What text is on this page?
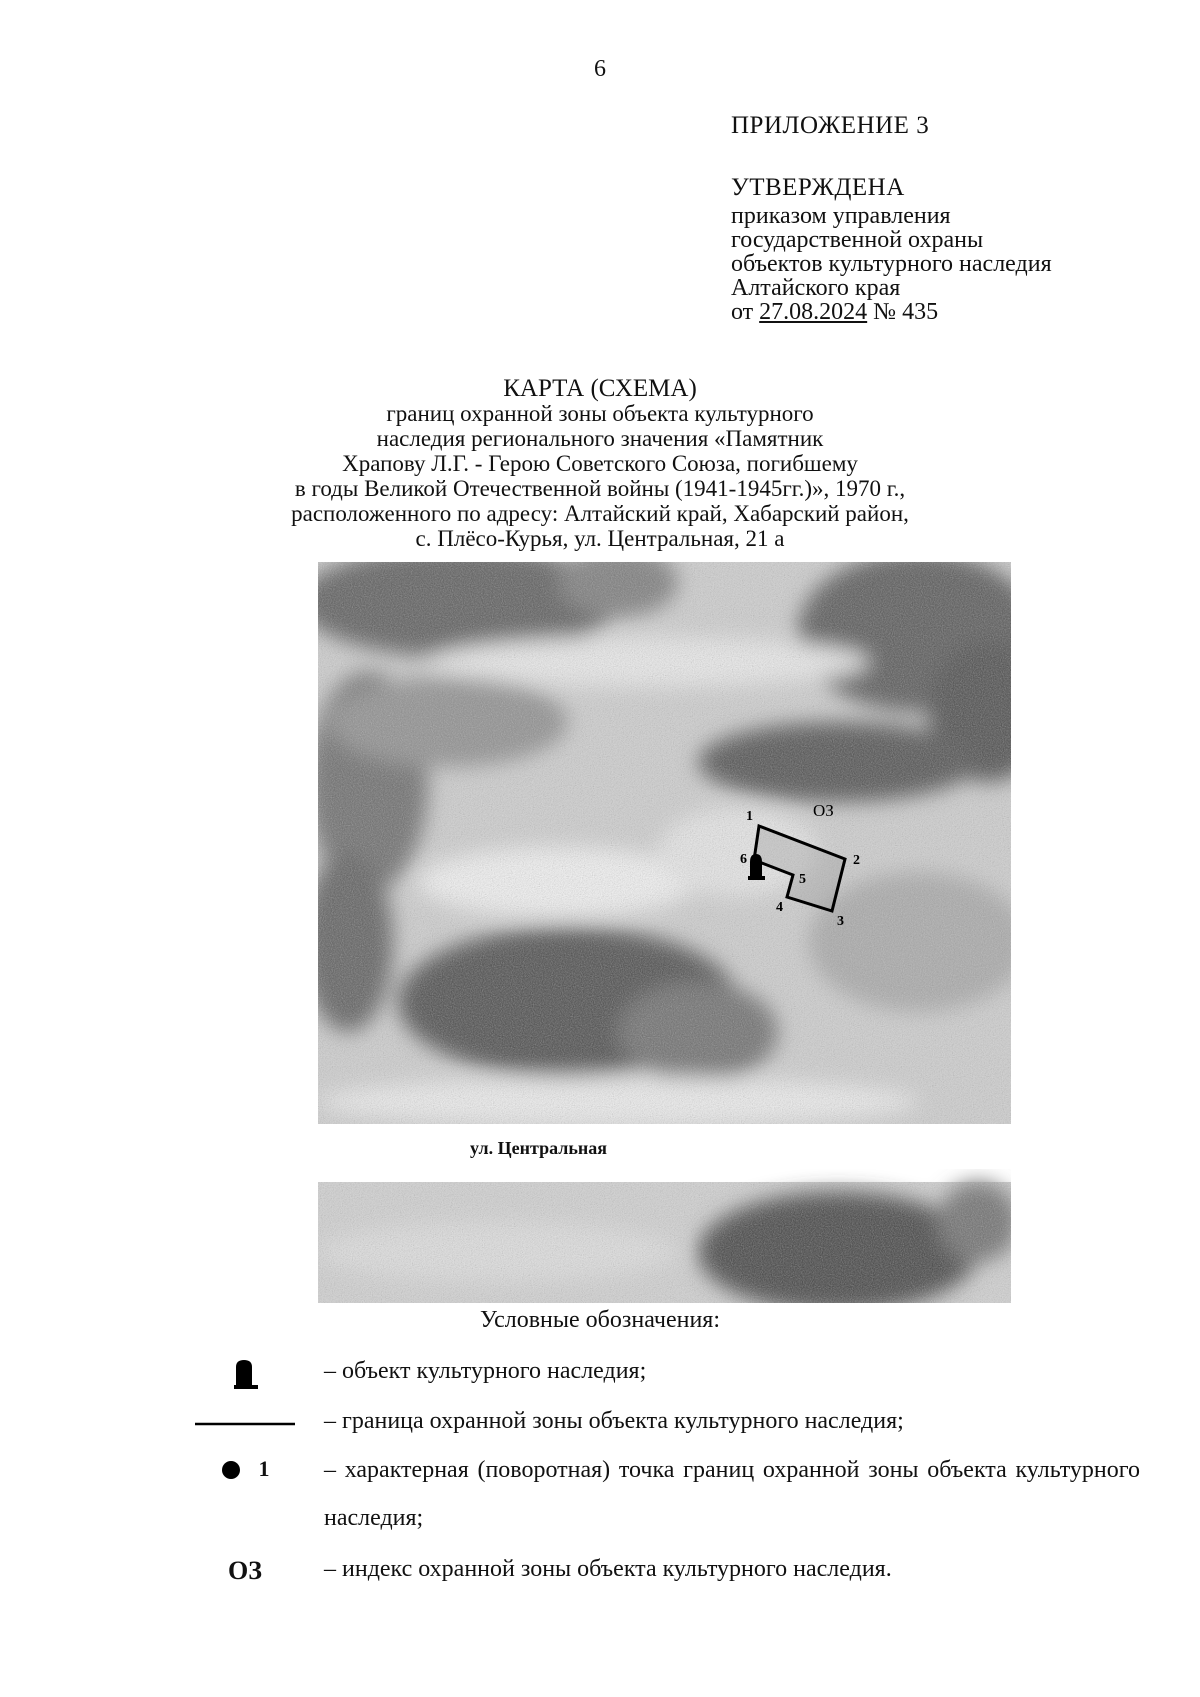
6
ПРИЛОЖЕНИЕ 3
УТВЕРЖДЕНА
приказом управления
государственной охраны
объектов культурного наследия
Алтайского края
от 27.08.2024 № 435
КАРТА (СХЕМА)
границ охранной зоны объекта культурного
наследия регионального значения «Памятник
Храпову Л.Г. - Герою Советского Союза, погибшему
в годы Великой Отечественной войны (1941-1945гг.)», 1970 г.,
расположенного по адресу: Алтайский край, Хабарский район,
с. Плёсо-Курья, ул. Центральная, 21 а
1
2
3
4
5
6
ОЗ
ул. Центральная
Условные обозначения:
– объект культурного наследия;
– граница охранной зоны объекта культурного наследия;
1	– характерная (поворотная) точка границ охранной зоны объекта культурного наследия;
ОЗ	– индекс охранной зоны объекта культурного наследия.
